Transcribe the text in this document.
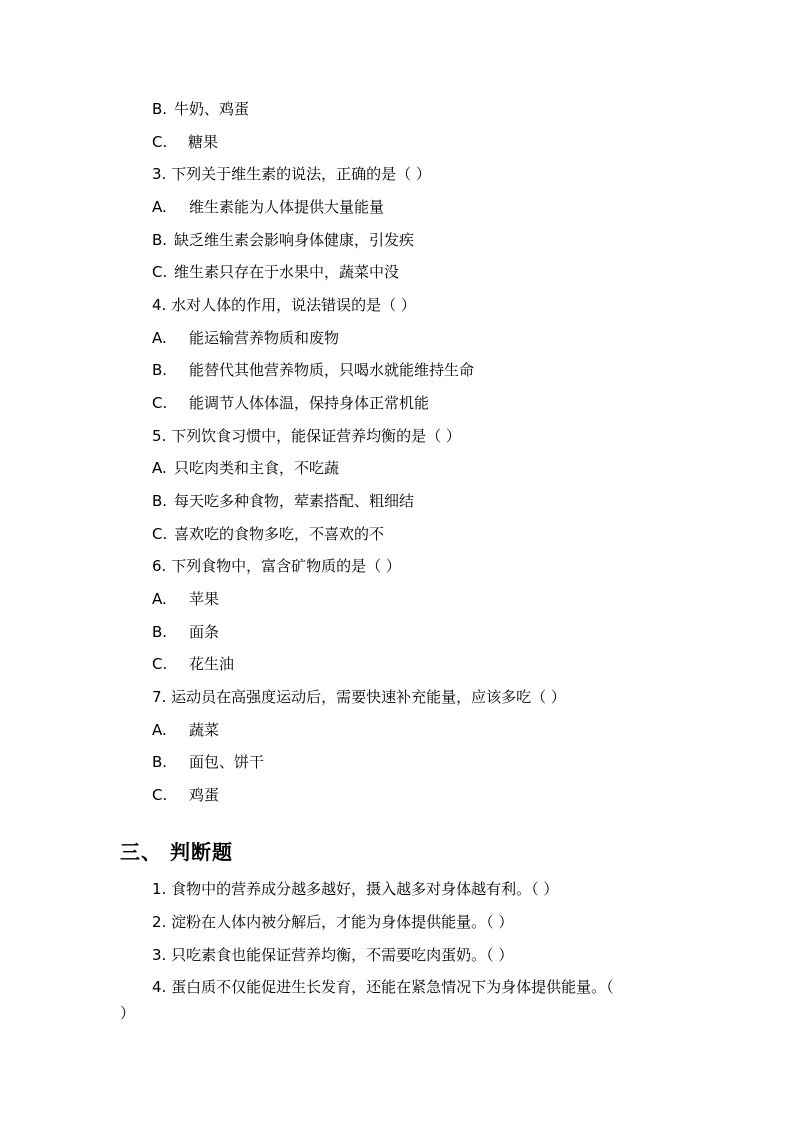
B. 牛奶、鸡蛋
C. 糖果
3. 下列关于维生素的说法，正确的是（ ）
A. 维生素能为人体提供大量能量
B. 缺乏维生素会影响身体健康，引发疾
C. 维生素只存在于水果中，蔬菜中没
4. 水对人体的作用，说法错误的是（ ）
A. 能运输营养物质和废物
B. 能替代其他营养物质，只喝水就能维持生命
C. 能调节人体体温，保持身体正常机能
5. 下列饮食习惯中，能保证营养均衡的是（ ）
A. 只吃肉类和主食，不吃蔬
B. 每天吃多种食物，荤素搭配、粗细结
C. 喜欢吃的食物多吃，不喜欢的不
6. 下列食物中，富含矿物质的是（ ）
A. 苹果
B. 面条
C. 花生油
7. 运动员在高强度运动后，需要快速补充能量，应该多吃（ ）
A. 蔬菜
B. 面包、饼干
C. 鸡蛋
三、 判断题
1. 食物中的营养成分越多越好，摄入越多对身体越有利。（ ）
2. 淀粉在人体内被分解后，才能为身体提供能量。（ ）
3. 只吃素食也能保证营养均衡，不需要吃肉蛋奶。（ ）
4. 蛋白质不仅能促进生长发育，还能在紧急情况下为身体提供能量。（
）
